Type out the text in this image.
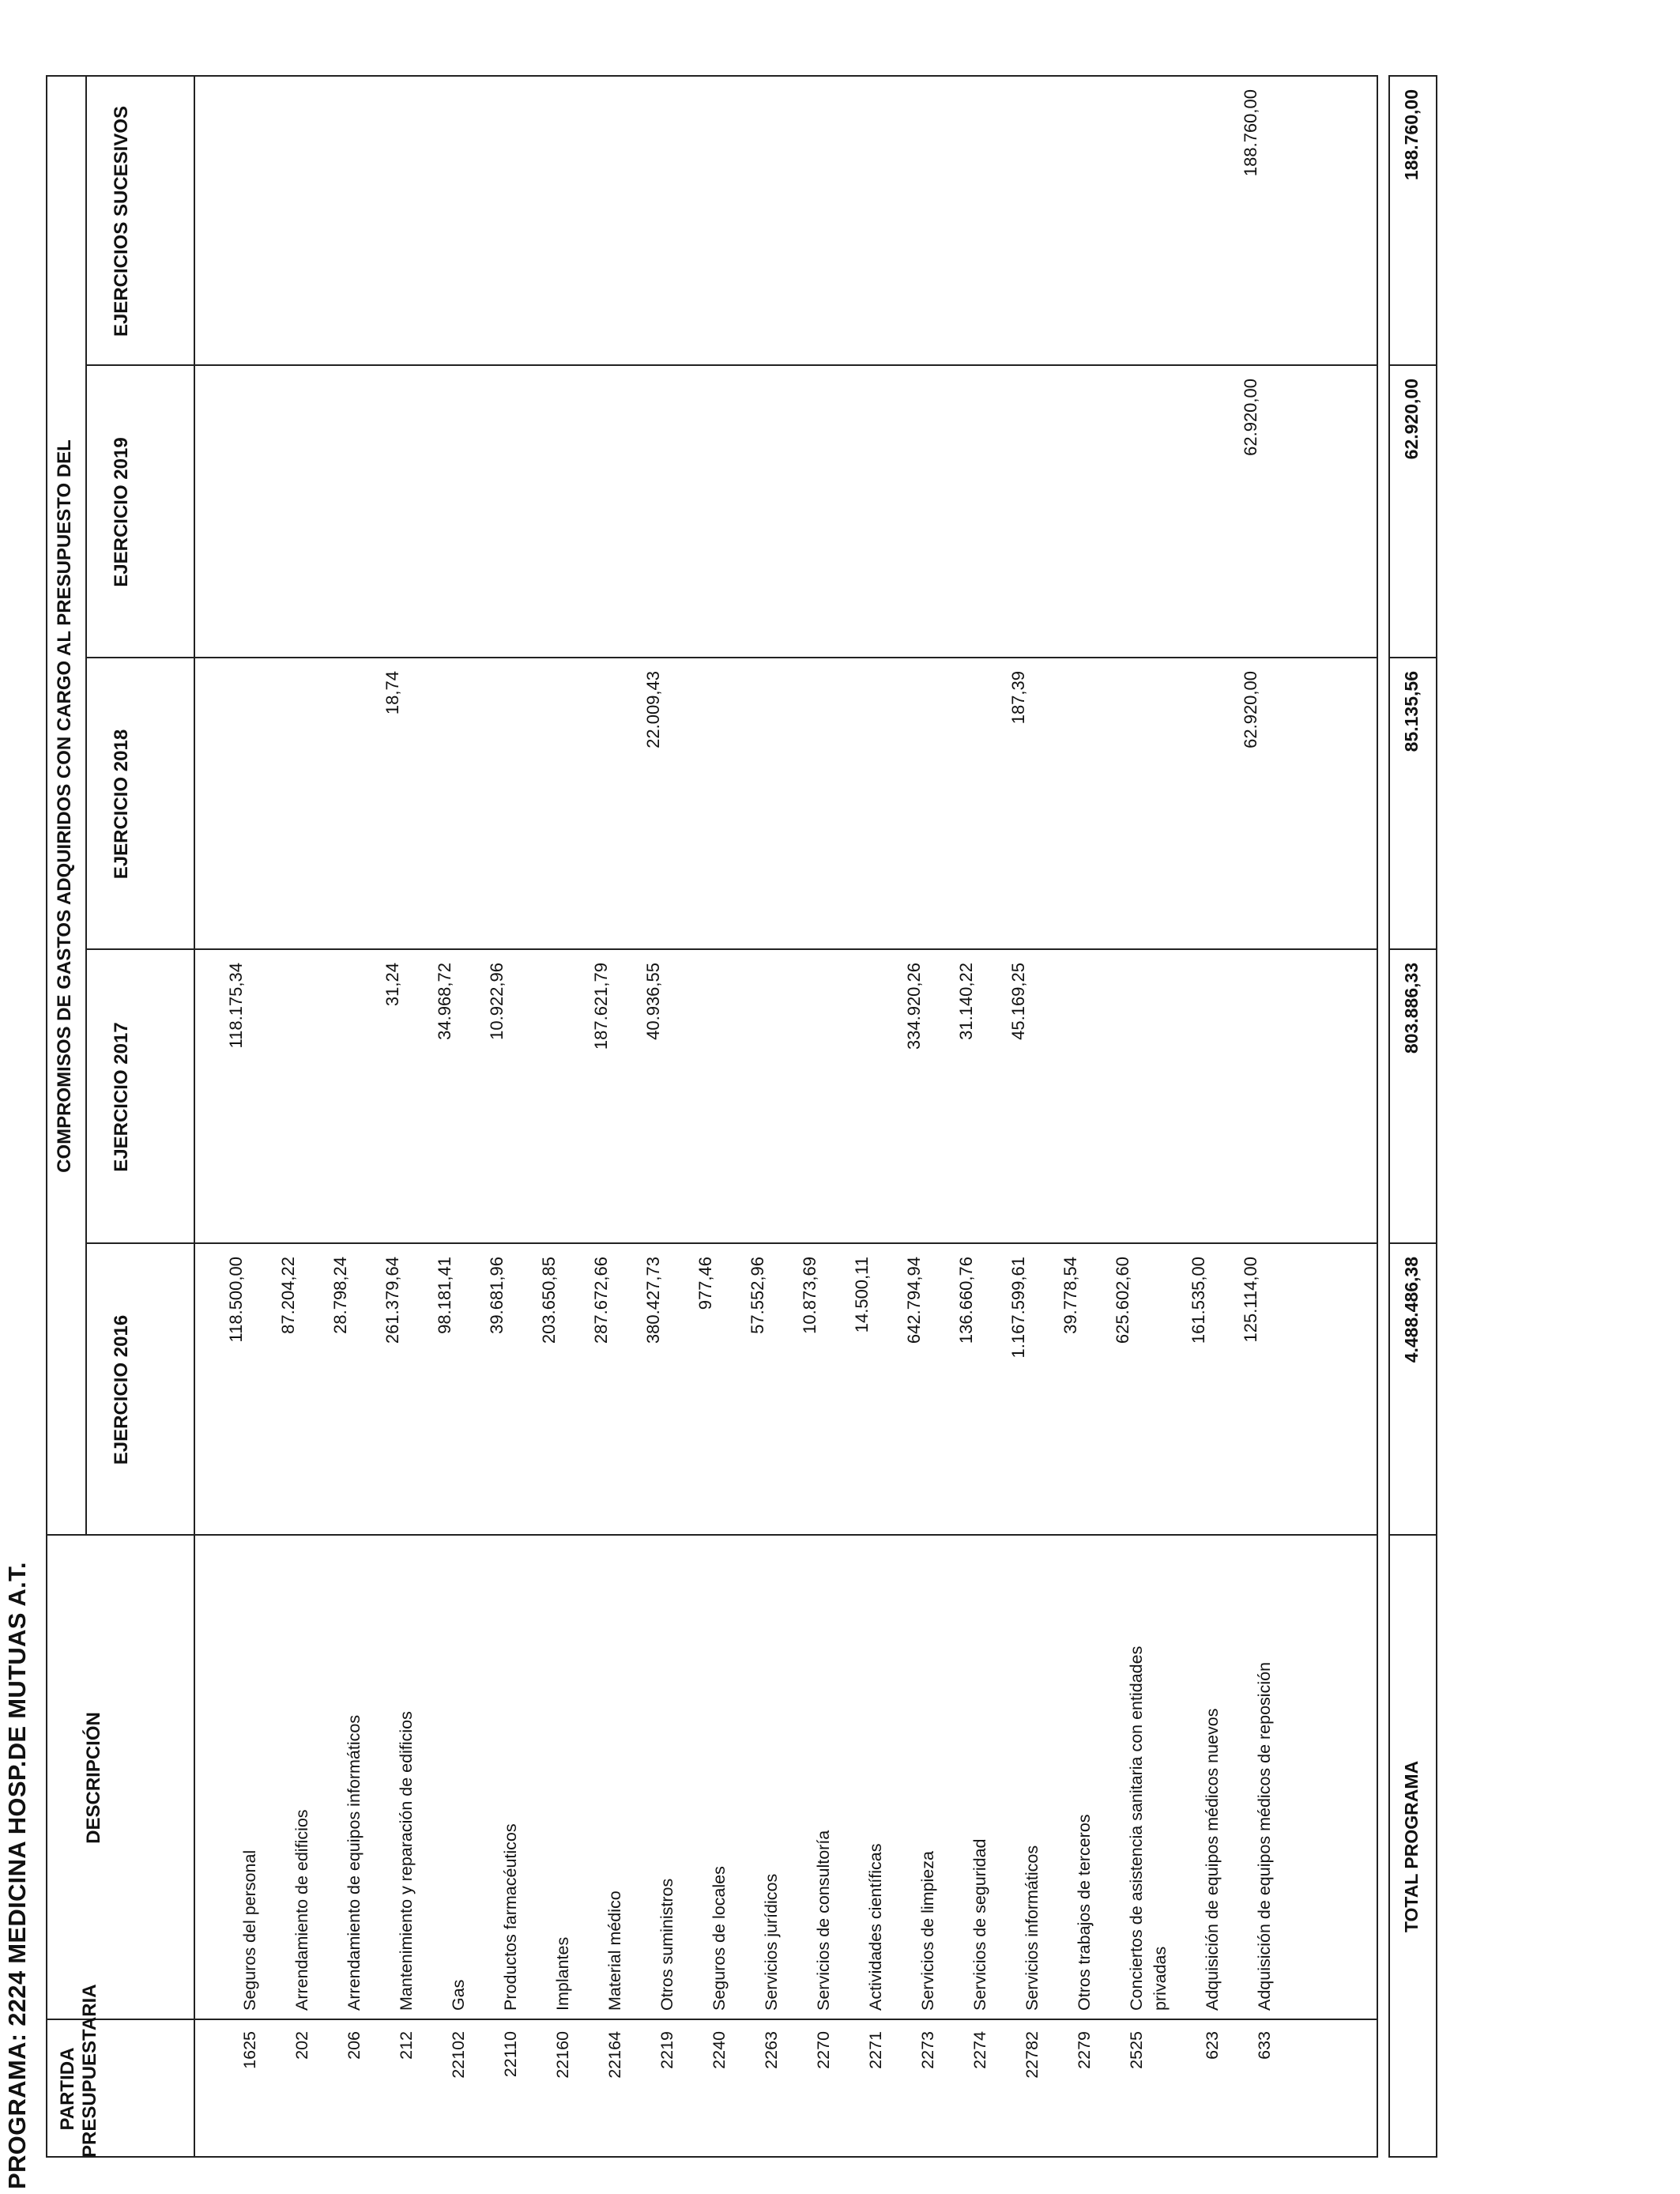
PROGRAMA: 2224 MEDICINA HOSP.DE MUTUAS A.T. PARTIDA PRESUPUESTARIA
DESCRIPCIÓN
COMPROMISOS DE GASTOS ADQUIRIDOS CON CARGO AL PRESUPUESTO DEL
EJERCICIO 2016
EJERCICIO 2017
EJERCICIO 2018
EJERCICIO 2019
EJERCICIOS SUCESIVOS
1625
Seguros del personal
118.500,00
118.175,34
202
Arrendamiento de edificios
87.204,22
206
Arrendamiento de equipos informáticos
28.798,24
212
Mantenimiento y reparación de edificios
261.379,64
31,24
18,74
22102
Gas
98.181,41
34.968,72
22110
Productos farmacéuticos
39.681,96
10.922,96
22160
Implantes
203.650,85
22164
Material médico
287.672,66
187.621,79
2219
Otros suministros
380.427,73
40.936,55
22.009,43
2240
Seguros de locales
977,46
2263
Servicios jurídicos
57.552,96
2270
Servicios de consultoría
10.873,69
2271
Actividades científicas
14.500,11
2273
Servicios de limpieza
642.794,94
334.920,26
2274
Servicios de seguridad
136.660,76
31.140,22
22782
Servicios informáticos
1.167.599,61
45.169,25
187,39
2279
Otros trabajos de terceros
39.778,54
2525
Conciertos de asistencia sanitaria con entidades privadas
625.602,60
623
Adquisición de equipos médicos nuevos
161.535,00
633
Adquisición de equipos médicos de reposición
125.114,00
62.920,00
62.920,00
188.760,00
TOTAL PROGRAMA
4.488.486,38
803.886,33
85.135,56
62.920,00
188.760,00
